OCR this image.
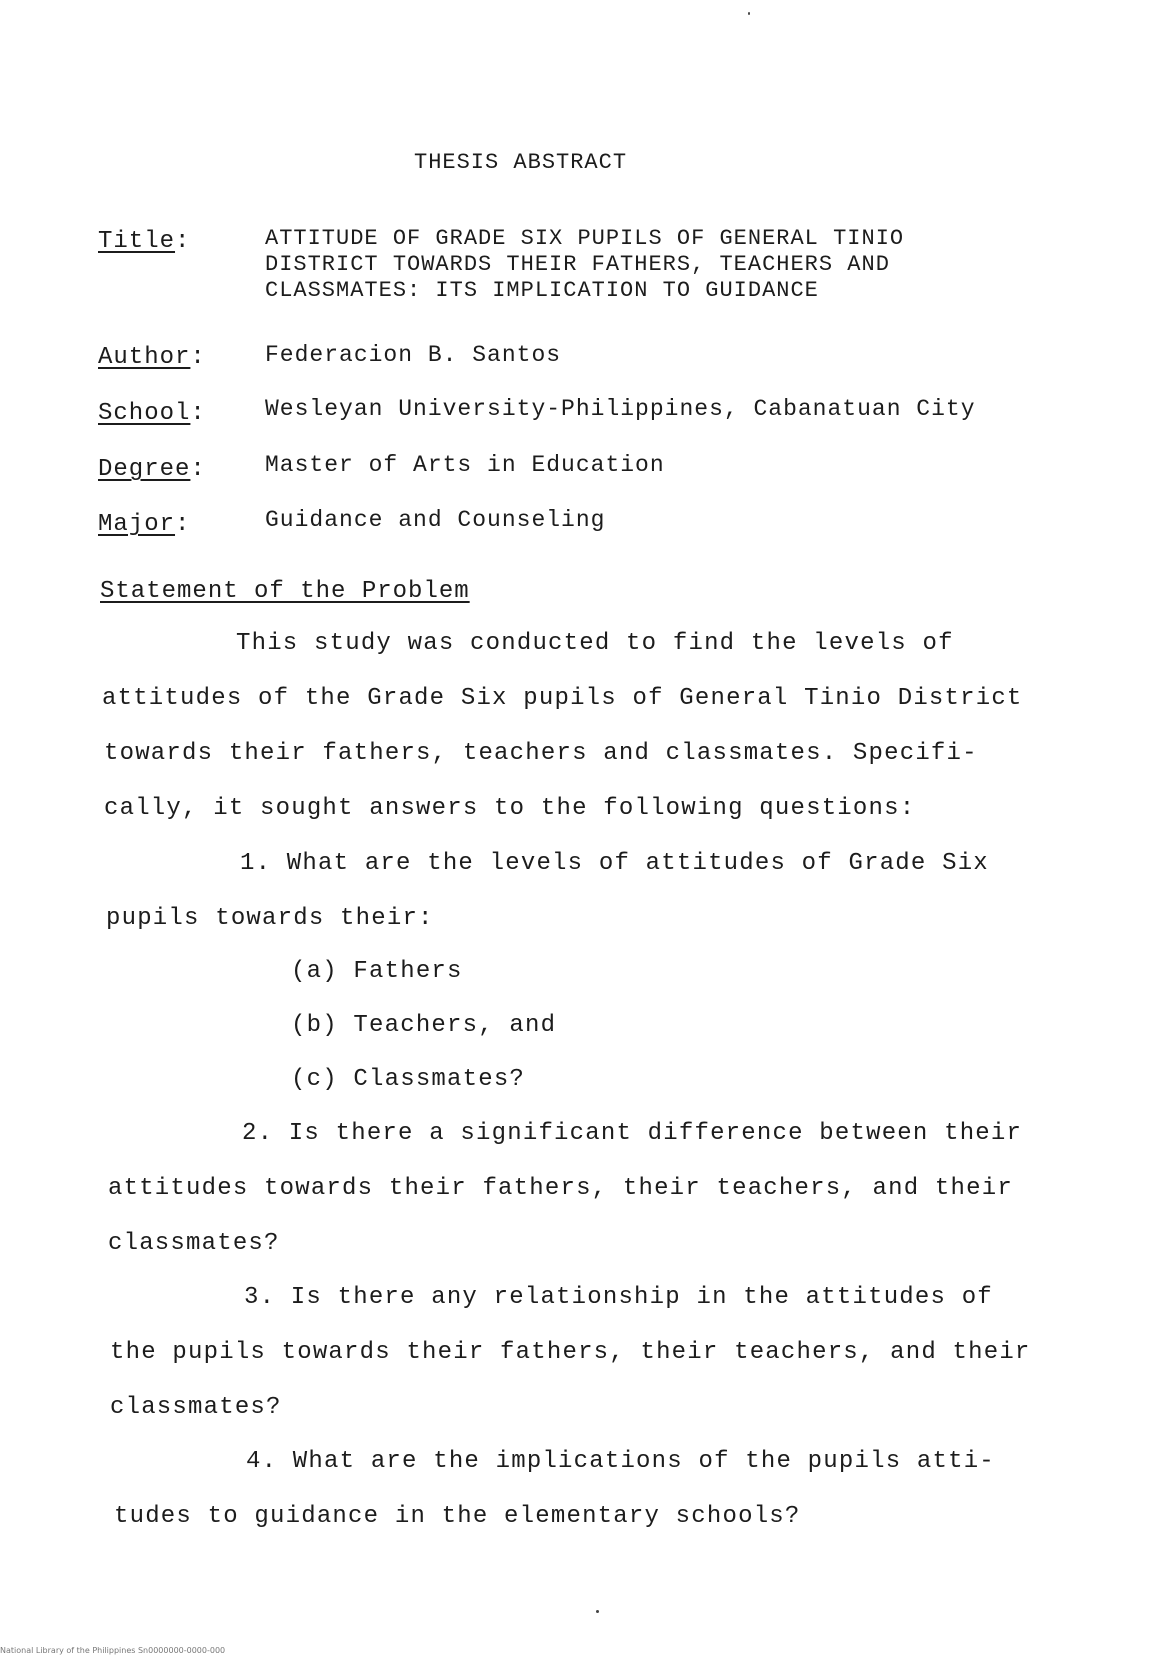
THESIS ABSTRACT
Title:	ATTITUDE OF GRADE SIX PUPILS OF GENERAL TINIO
DISTRICT TOWARDS THEIR FATHERS, TEACHERS AND
CLASSMATES: ITS IMPLICATION TO GUIDANCE
Author:	Federacion B. Santos
School:	Wesleyan University-Philippines, Cabanatuan City
Degree:	Master of Arts in Education
Major:	Guidance and Counseling
Statement of the Problem
This study was conducted to find the levels of
attitudes of the Grade Six pupils of General Tinio District
towards their fathers, teachers and classmates. Specifi-
cally, it sought answers to the following questions:
1. What are the levels of attitudes of Grade Six
pupils towards their:
(a) Fathers
(b) Teachers, and
(c) Classmates?
2. Is there a significant difference between their
attitudes towards their fathers, their teachers, and their
classmates?
3. Is there any relationship in the attitudes of
the pupils towards their fathers, their teachers, and their
classmates?
4. What are the implications of the pupils atti-
tudes to guidance in the elementary schools?
National Library of the Philippines Sn0000000-0000-000
